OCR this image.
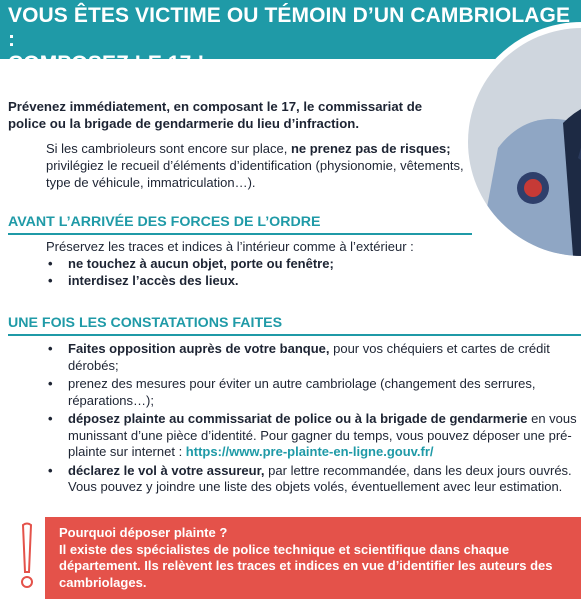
VOUS ÊTES VICTIME OU TÉMOIN D’UN CAMBRIOLAGE :
COMPOSEZ LE 17 !
Prévenez immédiatement, en composant le 17, le commissariat de police ou la brigade de gendarmerie du lieu d’infraction.
Si les cambrioleurs sont encore sur place, ne prenez pas de risques; privilégiez le recueil d’éléments d’identification (physionomie, vêtements, type de véhicule, immatriculation…).
AVANT L’ARRIVÉE DES FORCES DE L’ORDRE
Préservez les traces et indices à l’intérieur comme à l’extérieur :
• ne touchez à aucun objet, porte ou fenêtre;
• interdisez l’accès des lieux.
UNE FOIS LES CONSTATATIONS FAITES
• Faites opposition auprès de votre banque, pour vos chéquiers et cartes de crédit dérobés;
• prenez des mesures pour éviter un autre cambriolage (changement des serrures, réparations…);
• déposez plainte au commissariat de police ou à la brigade de gendarmerie en vous munissant d’une pièce d’identité. Pour gagner du temps, vous pouvez déposer une pré-plainte sur internet : https://www.pre-plainte-en-ligne.gouv.fr/
• déclarez le vol à votre assureur, par lettre recommandée, dans les deux jours ouvrés. Vous pouvez y joindre une liste des objets volés, éventuellement avec leur estimation.
Pourquoi déposer plainte ?
Il existe des spécialistes de police technique et scientifique dans chaque département. Ils relèvent les traces et indices en vue d’identifier les auteurs des cambriolages.
